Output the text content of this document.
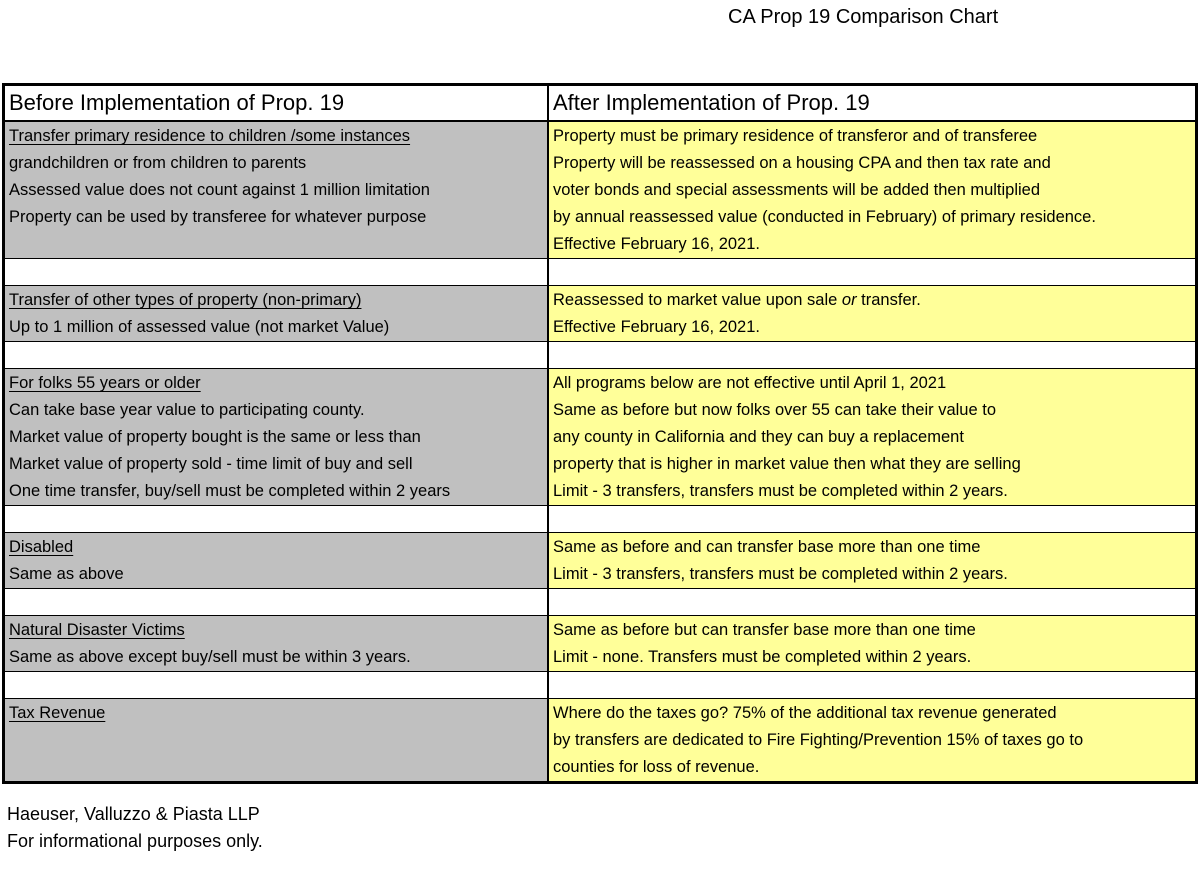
CA Prop 19 Comparison Chart
Before Implementation of Prop. 19	After Implementation of Prop. 19
Transfer primary residence to children /some instances
grandchildren or from children to parents
Assessed value does not count against 1 million limitation
Property can be used by transferee for whatever purpose
Property must be primary residence of transferor and of transferee
Property will be reassessed on a housing CPA and then tax rate and
voter bonds and special assessments will be added then multiplied
by annual reassessed value (conducted in February) of primary residence.
Effective February 16, 2021.
Transfer of other types of property (non-primary)
Up to 1 million of assessed value (not market Value)
Reassessed to market value upon sale or transfer.
Effective February 16, 2021.
For folks 55 years or older
Can take base year value to participating county.
Market value of property bought is the same or less than
Market value of property sold - time limit of buy and sell
One time transfer, buy/sell must be completed within 2 years
All programs below are not effective until April 1, 2021
Same as before but now folks over 55 can take their value to
any county in California and they can buy a replacement
property that is higher in market value then what they are selling
Limit - 3 transfers, transfers must be completed within 2 years.
Disabled
Same as above
Same as before and can transfer base more than one time
Limit - 3 transfers, transfers must be completed within 2 years.
Natural Disaster Victims
Same as above except buy/sell must be within 3 years.
Same as before but can transfer base more than one time
Limit - none. Transfers must be completed within 2 years.
Tax Revenue	Where do the taxes go? 75% of the additional tax revenue generated
by transfers are dedicated to Fire Fighting/Prevention 15% of taxes go to
counties for loss of revenue.
Haeuser, Valluzzo & Piasta LLP
For informational purposes only.
